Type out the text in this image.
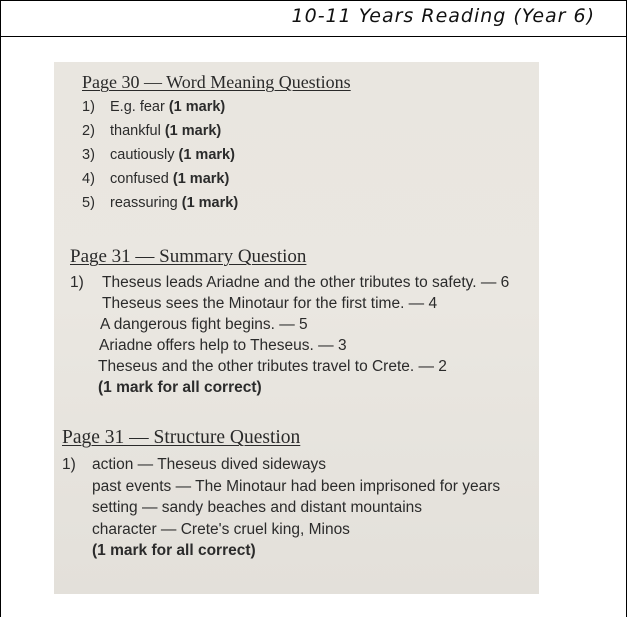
10-11 Years Reading (Year 6)
Page 30 — Word Meaning Questions
1) E.g. fear (1 mark)
2) thankful (1 mark)
3) cautiously (1 mark)
4) confused (1 mark)
5) reassuring (1 mark)
Page 31 — Summary Question
1) Theseus leads Ariadne and the other tributes to safety. — 6
Theseus sees the Minotaur for the first time. — 4
A dangerous fight begins. — 5
Ariadne offers help to Theseus. — 3
Theseus and the other tributes travel to Crete. — 2
(1 mark for all correct)
Page 31 — Structure Question
1) action — Theseus dived sideways
past events — The Minotaur had been imprisoned for years
setting — sandy beaches and distant mountains
character — Crete's cruel king, Minos
(1 mark for all correct)
